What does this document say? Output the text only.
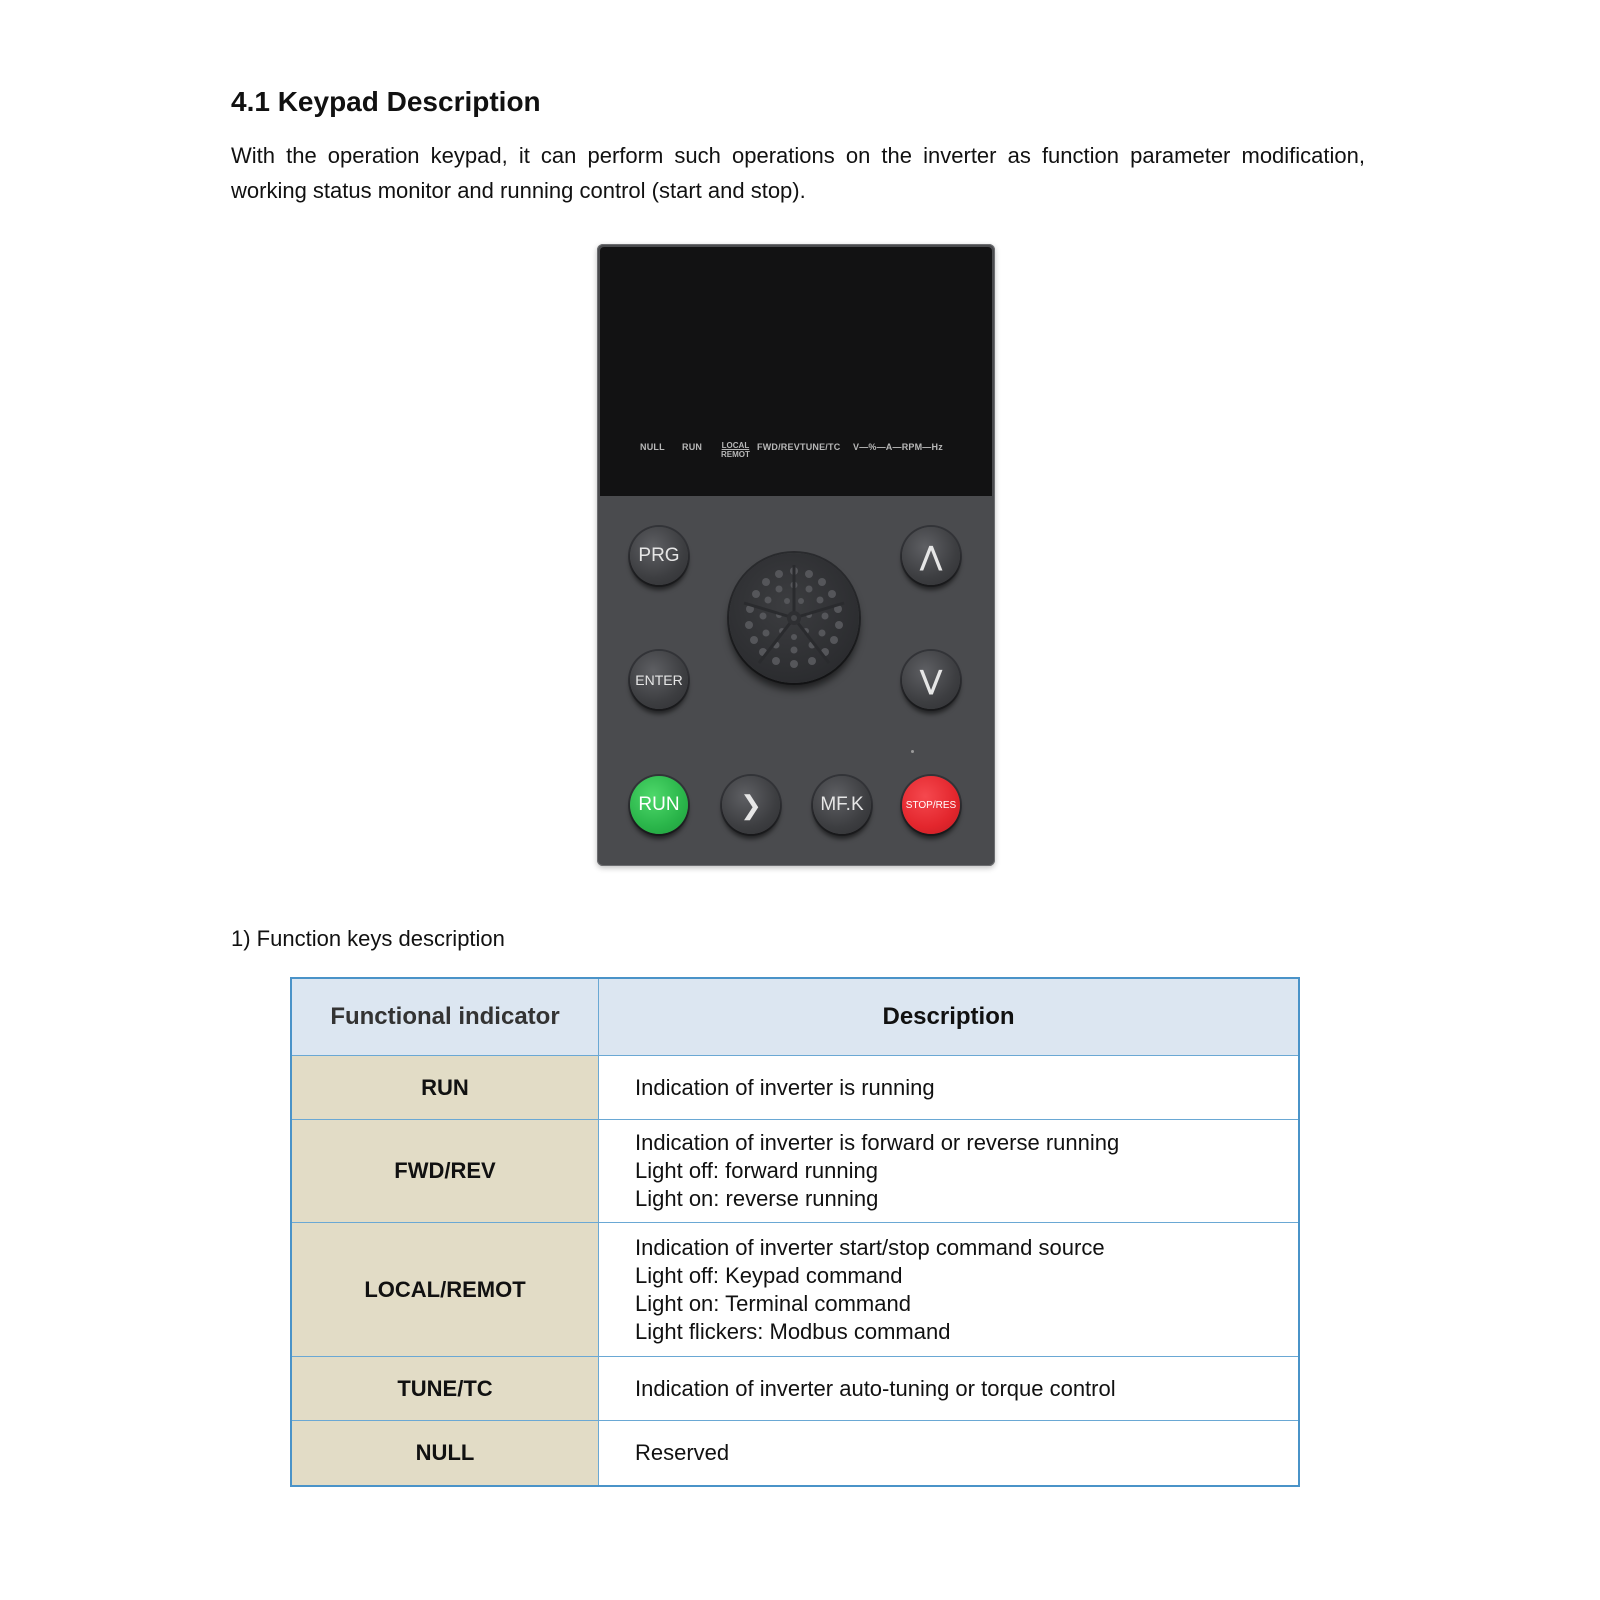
4.1 Keypad Description

With the operation keypad, it can perform such operations on the inverter as function parameter modification, working status monitor and running control (start and stop).

NULL RUN LOCAL
REMOT
FWD/REV TUNE/TC V—%—A—RPM—Hz
PRG	⋀
ENTER	⋁
RUN	❯	MF.K	STOP/RES

1) Function keys description

Functional indicator	Description
RUN	Indication of inverter is running

FWD/REV	Indication of inverter is forward or reverse running
Light off: forward running
Light on: reverse running

LOCAL/REMOT	Indication of inverter start/stop command source
Light off: Keypad command
Light on: Terminal command
Light flickers: Modbus command

TUNE/TC	Indication of inverter auto-tuning or torque control

NULL	Reserved
